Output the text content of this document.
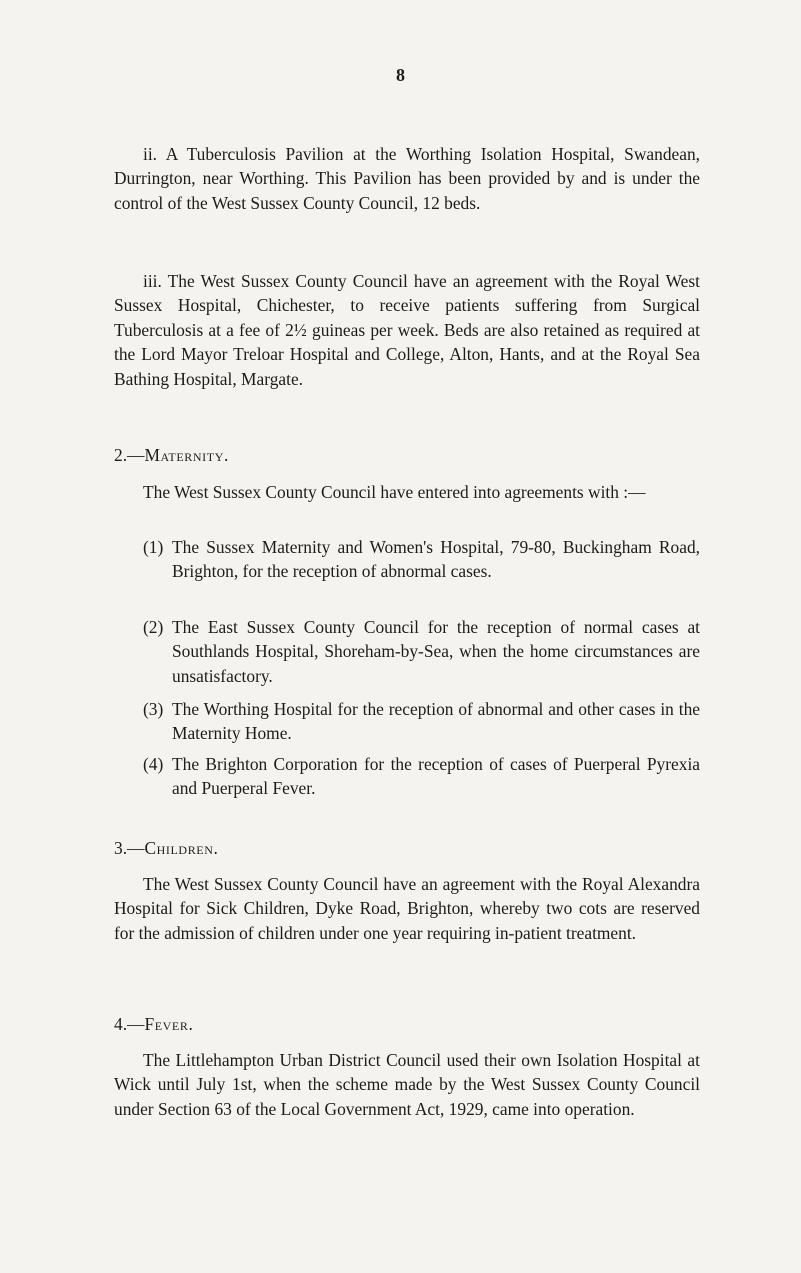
8

ii. A Tuberculosis Pavilion at the Worthing Isolation Hospital, Swandean, Durrington, near Worthing. This Pavilion has been provided by and is under the control of the West Sussex County Council, 12 beds.

iii. The West Sussex County Council have an agreement with the Royal West Sussex Hospital, Chichester, to receive patients suffering from Surgical Tuberculosis at a fee of 2½ guineas per week. Beds are also retained as required at the Lord Mayor Treloar Hospital and College, Alton, Hants, and at the Royal Sea Bathing Hospital, Margate.

2.—Maternity.

The West Sussex County Council have entered into agreements with :—

(1) The Sussex Maternity and Women's Hospital, 79-80, Buckingham Road, Brighton, for the reception of abnormal cases.
(2) The East Sussex County Council for the reception of normal cases at Southlands Hospital, Shoreham-by-Sea, when the home circumstances are unsatisfactory.
(3) The Worthing Hospital for the reception of abnormal and other cases in the Maternity Home.
(4) The Brighton Corporation for the reception of cases of Puerperal Pyrexia and Puerperal Fever.
3.—Children.

The West Sussex County Council have an agreement with the Royal Alexandra Hospital for Sick Children, Dyke Road, Brighton, whereby two cots are reserved for the admission of children under one year requiring in-patient treatment.

4.—Fever.

The Littlehampton Urban District Council used their own Isolation Hospital at Wick until July 1st, when the scheme made by the West Sussex County Council under Section 63 of the Local Government Act, 1929, came into operation.
